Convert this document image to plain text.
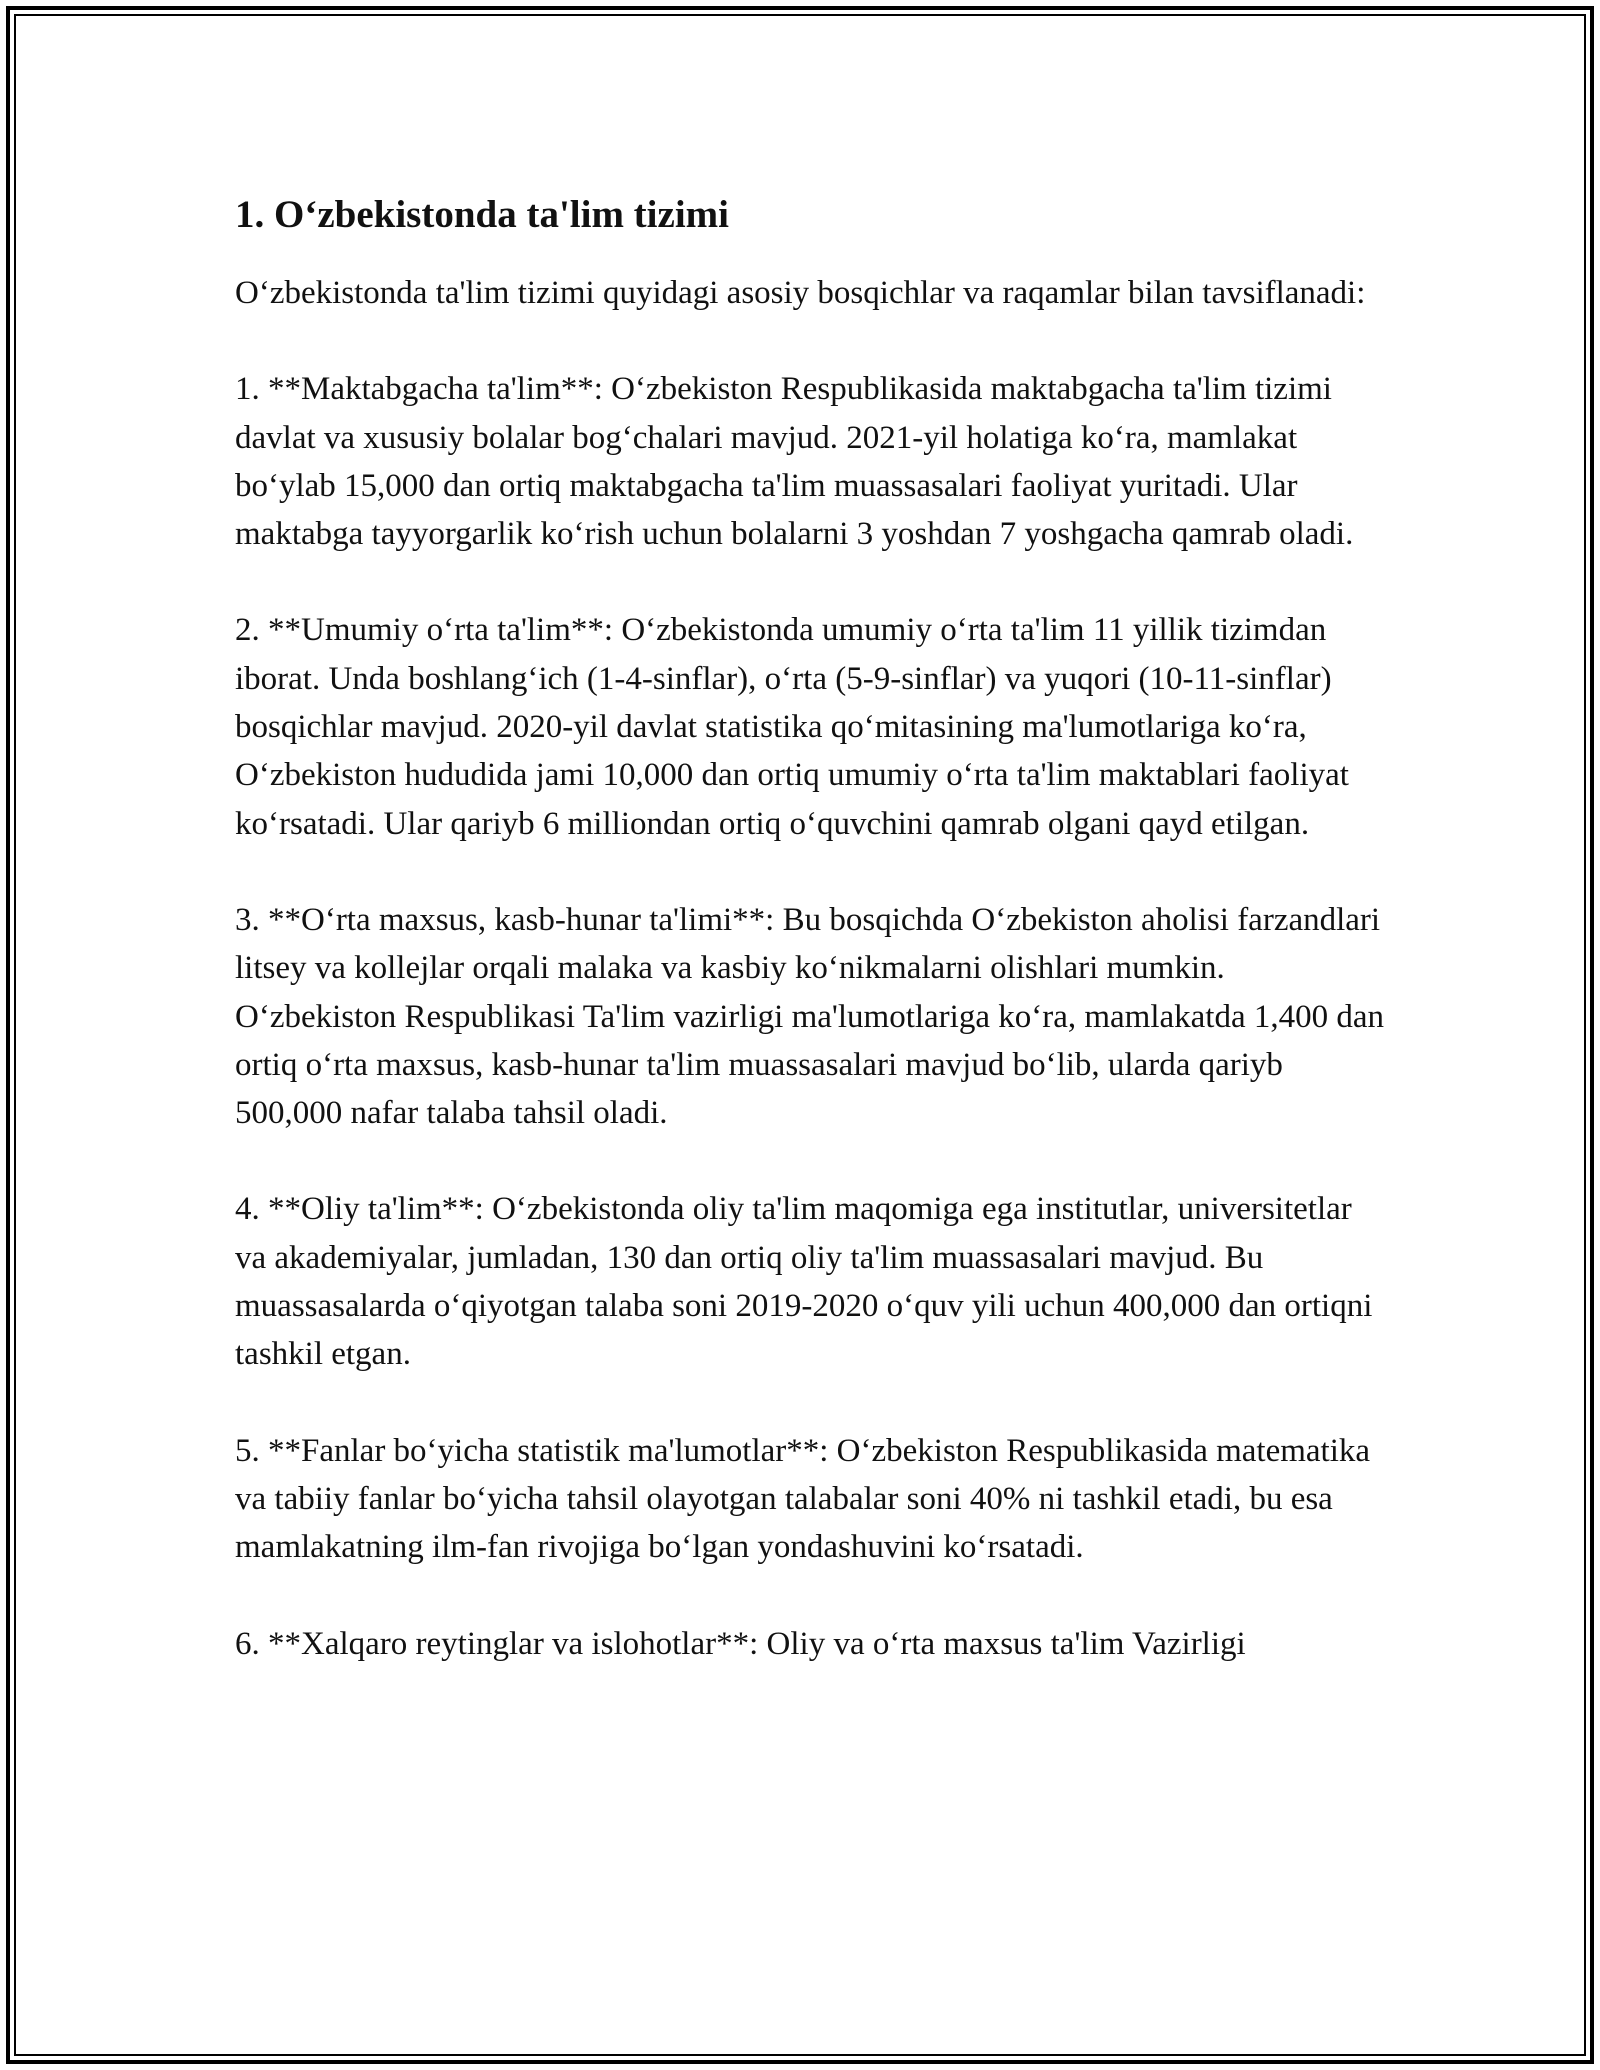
1. O‘zbekistonda ta'lim tizimi

O‘zbekistonda ta'lim tizimi quyidagi asosiy bosqichlar va raqamlar bilan tavsiflanadi:

1. **Maktabgacha ta'lim**: O‘zbekiston Respublikasida maktabgacha ta'lim tizimi davlat va xususiy bolalar bog‘chalari mavjud. 2021-yil holatiga ko‘ra, mamlakat bo‘ylab 15,000 dan ortiq maktabgacha ta'lim muassasalari faoliyat yuritadi. Ular maktabga tayyorgarlik ko‘rish uchun bolalarni 3 yoshdan 7 yoshgacha qamrab oladi.

2. **Umumiy o‘rta ta'lim**: O‘zbekistonda umumiy o‘rta ta'lim 11 yillik tizimdan iborat. Unda boshlang‘ich (1-4-sinflar), o‘rta (5-9-sinflar) va yuqori (10-11-sinflar) bosqichlar mavjud. 2020-yil davlat statistika qo‘mitasining ma'lumotlariga ko‘ra, O‘zbekiston hududida jami 10,000 dan ortiq umumiy o‘rta ta'lim maktablari faoliyat ko‘rsatadi. Ular qariyb 6 milliondan ortiq o‘quvchini qamrab olgani qayd etilgan.

3. **O‘rta maxsus, kasb-hunar ta'limi**: Bu bosqichda O‘zbekiston aholisi farzandlari litsey va kollejlar orqali malaka va kasbiy ko‘nikmalarni olishlari mumkin. O‘zbekiston Respublikasi Ta'lim vazirligi ma'lumotlariga ko‘ra, mamlakatda 1,400 dan ortiq o‘rta maxsus, kasb-hunar ta'lim muassasalari mavjud bo‘lib, ularda qariyb 500,000 nafar talaba tahsil oladi.

4. **Oliy ta'lim**: O‘zbekistonda oliy ta'lim maqomiga ega institutlar, universitetlar va akademiyalar, jumladan, 130 dan ortiq oliy ta'lim muassasalari mavjud. Bu muassasalarda o‘qiyotgan talaba soni 2019-2020 o‘quv yili uchun 400,000 dan ortiqni tashkil etgan.

5. **Fanlar bo‘yicha statistik ma'lumotlar**: O‘zbekiston Respublikasida matematika va tabiiy fanlar bo‘yicha tahsil olayotgan talabalar soni 40% ni tashkil etadi, bu esa mamlakatning ilm-fan rivojiga bo‘lgan yondashuvini ko‘rsatadi.

6. **Xalqaro reytinglar va islohotlar**: Oliy va o‘rta maxsus ta'lim Vazirligi
